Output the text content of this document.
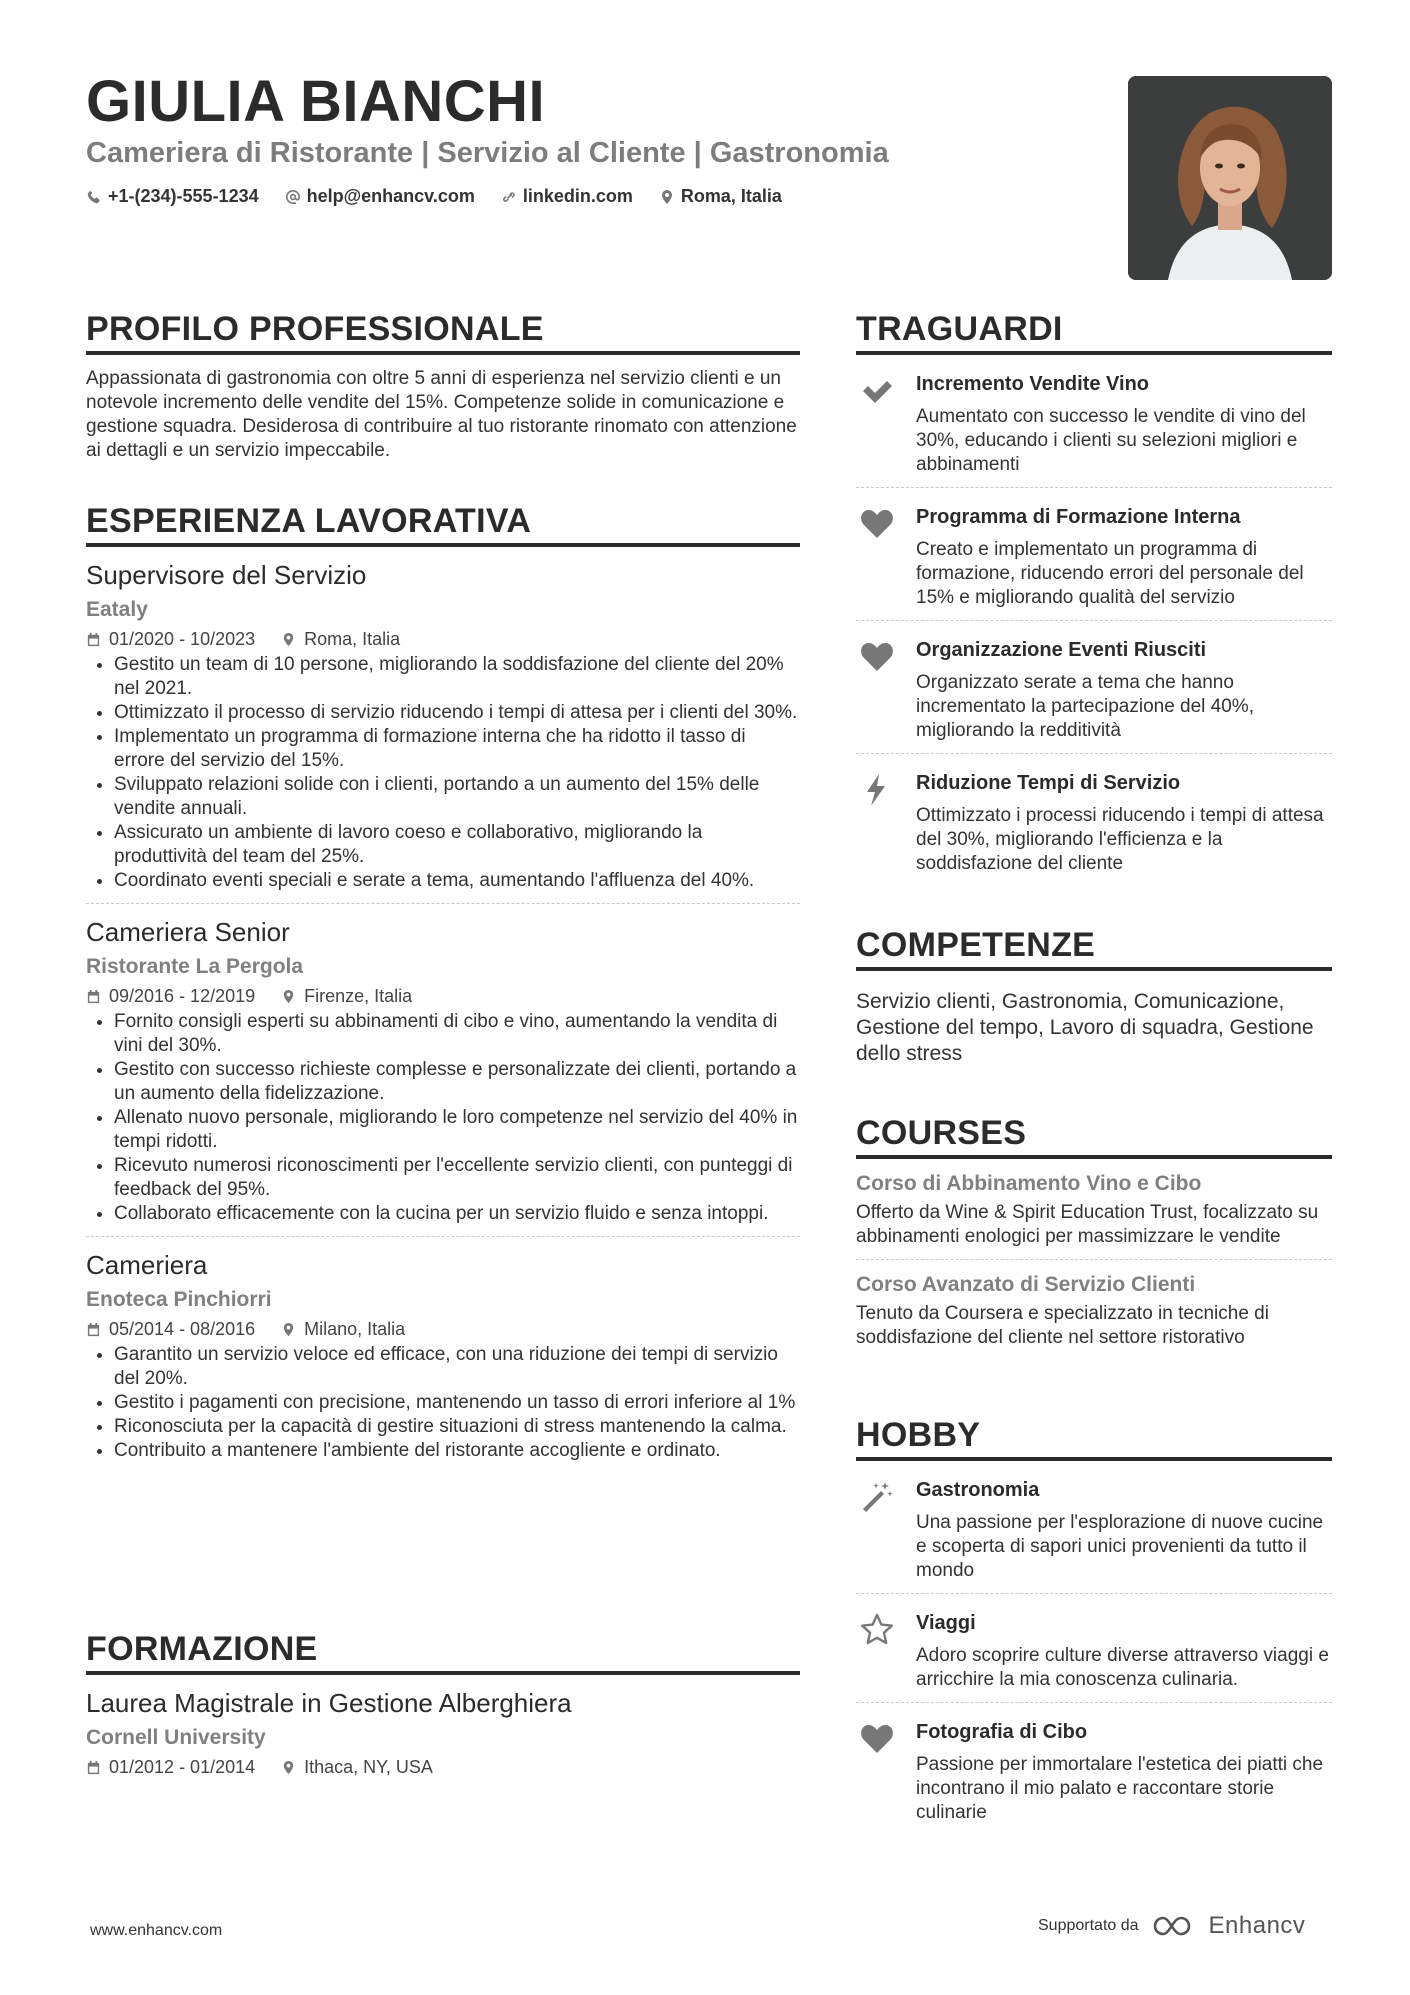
GIULIA BIANCHI
Cameriera di Ristorante | Servizio al Cliente | Gastronomia
+1-(234)-555-1234	help@enhancv.com	linkedin.com	Roma, Italia
PROFILO PROFESSIONALE
Appassionata di gastronomia con oltre 5 anni di esperienza nel servizio clienti e un notevole incremento delle vendite del 15%. Competenze solide in comunicazione e gestione squadra. Desiderosa di contribuire al tuo ristorante rinomato con attenzione ai dettagli e un servizio impeccabile.
ESPERIENZA LAVORATIVA
Supervisore del Servizio
Eataly
01/2020 - 10/2023	Roma, Italia
• Gestito un team di 10 persone, migliorando la soddisfazione del cliente del 20% nel 2021.
• Ottimizzato il processo di servizio riducendo i tempi di attesa per i clienti del 30%.
• Implementato un programma di formazione interna che ha ridotto il tasso di errore del servizio del 15%.
• Sviluppato relazioni solide con i clienti, portando a un aumento del 15% delle vendite annuali.
• Assicurato un ambiente di lavoro coeso e collaborativo, migliorando la produttività del team del 25%.
• Coordinato eventi speciali e serate a tema, aumentando l'affluenza del 40%.
Cameriera Senior
Ristorante La Pergola
09/2016 - 12/2019	Firenze, Italia
• Fornito consigli esperti su abbinamenti di cibo e vino, aumentando la vendita di vini del 30%.
• Gestito con successo richieste complesse e personalizzate dei clienti, portando a un aumento della fidelizzazione.
• Allenato nuovo personale, migliorando le loro competenze nel servizio del 40% in tempi ridotti.
• Ricevuto numerosi riconoscimenti per l'eccellente servizio clienti, con punteggi di feedback del 95%.
• Collaborato efficacemente con la cucina per un servizio fluido e senza intoppi.
Cameriera
Enoteca Pinchiorri
05/2014 - 08/2016	Milano, Italia
• Garantito un servizio veloce ed efficace, con una riduzione dei tempi di servizio del 20%.
• Gestito i pagamenti con precisione, mantenendo un tasso di errori inferiore al 1%
• Riconosciuta per la capacità di gestire situazioni di stress mantenendo la calma.
• Contribuito a mantenere l'ambiente del ristorante accogliente e ordinato.
FORMAZIONE
Laurea Magistrale in Gestione Alberghiera
Cornell University
01/2012 - 01/2014	Ithaca, NY, USA
TRAGUARDI
Incremento Vendite Vino
Aumentato con successo le vendite di vino del 30%, educando i clienti su selezioni migliori e abbinamenti
Programma di Formazione Interna
Creato e implementato un programma di formazione, riducendo errori del personale del 15% e migliorando qualità del servizio
Organizzazione Eventi Riusciti
Organizzato serate a tema che hanno incrementato la partecipazione del 40%, migliorando la redditività
Riduzione Tempi di Servizio
Ottimizzato i processi riducendo i tempi di attesa del 30%, migliorando l'efficienza e la soddisfazione del cliente
COMPETENZE
Servizio clienti, Gastronomia, Comunicazione, Gestione del tempo, Lavoro di squadra, Gestione dello stress
COURSES
Corso di Abbinamento Vino e Cibo
Offerto da Wine & Spirit Education Trust, focalizzato su abbinamenti enologici per massimizzare le vendite
Corso Avanzato di Servizio Clienti
Tenuto da Coursera e specializzato in tecniche di soddisfazione del cliente nel settore ristorativo
HOBBY
Gastronomia
Una passione per l'esplorazione di nuove cucine e scoperta di sapori unici provenienti da tutto il mondo
Viaggi
Adoro scoprire culture diverse attraverso viaggi e arricchire la mia conoscenza culinaria.
Fotografia di Cibo
Passione per immortalare l'estetica dei piatti che incontrano il mio palato e raccontare storie culinarie
www.enhancv.com	Supportato da	Enhancv
